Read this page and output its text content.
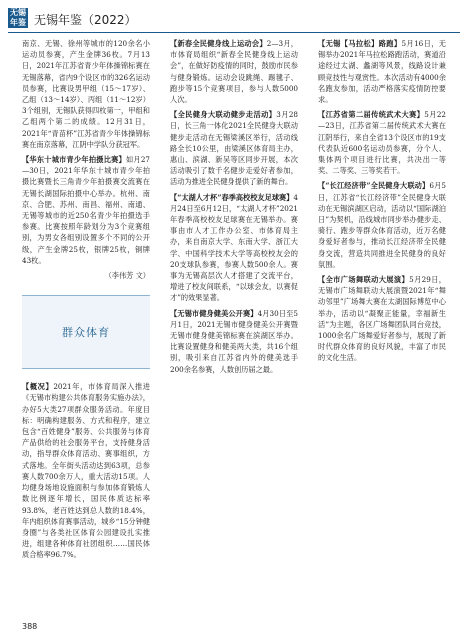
无锡年鉴 无锡年鉴（2022）

南京、无锡、徐州等城市的120余名小运动员参赛，产生金牌36枚。7月13日，2021年江苏省青少年体操锦标赛在无锡落幕，省内9个设区市的326名运动员参赛，比赛设男甲组（15～17岁）、乙组（13～14岁）、丙组（11～12岁）3个组别，无锡队获得四枚第一，甲组和乙组两个第二的成绩。12月31日，2021年“青苗杯”江苏省青少年体操锦标赛在南京落幕，江阴中学队分获冠军。

【华东十城市青少年拍摄比赛】如月27—30日，2021年华东十城市青少年拍摄比赛暨长三角青少年拍摄赛交流赛在无锡长湖国际拍摄中心举办。杭州、南京、合肥、苏州、南昌、福州、南通、无锡等城市的近250名青少年拍摄选手参赛。比赛按照年龄划分为3个竞赛组别，为男女各组别设置多个不同的公开级，产生金牌25枚，银牌25枚，铜牌43枚。

（李伟芳 文）

群众体育

【概况】2021年，市体育局深入推进《无锡市构建公共体育服务实施办法》，办好5大类27项群众服务活动。年度目标：明确构建服务、方式和程序，建立包含“百姓健身”服务、公共服务与体育产品供给的社会服务平台，支持健身活动，指导群众体育活动、赛事组织，方式落地。全年街头活动达到63项，总参赛人数700余万人，重大活动15项。人均健身场地设施面积与参加体育锻炼人数比例逐年增长，国民体质达标率93.8%，老百姓达到总人数的18.4%，年内组织体育赛事活动，城乡“15分钟健身圈”与各类社区体育公园建设扎实推进，组建各种体育社团组织……国民体质合格率96.7%。

【新春全民健身线上运动会】2—3月，市体育局组织“新春全民健身线上运动会”，在做好防疫情的同时，鼓励市民参与健身锻炼。运动会设跳绳、踢毽子、跑步等15个竞赛项目，参与人数5000人次。

【全民健身大联动健步走活动】3月28日，长三角一体化2021全民健身大联动健步走活动在无锡梁溪区举行，活动线路全长10公里，由梁溪区体育局主办，惠山、滨湖、新吴等区同步开展，本次活动吸引了数千名健步走爱好者参加，活动为推进全民健身提供了新的舞台。

【“太湖人才杯”春季高校校友足球赛】4月24日至6月12日，“太湖人才杯”2021年春季高校校友足球赛在无锡举办。赛事由市人才工作办公室、市体育局主办，来自南京大学、东南大学、浙江大学、中国科学技术大学等高校校友会的20支球队参赛，参赛人数500余人。赛事为无锡高层次人才搭建了交流平台，增进了校友间联系，“以球会友，以赛促才”的效果显著。

【无锡市健身健美公开赛】4月30日至5月1日，2021无锡市健身健美公开赛暨无锡市健身健美锦标赛在滨湖区举办。比赛设置健身和健美两大类，共16个组别，吸引来自江苏省内外的健美选手200余名参赛，人数创历届之最。

【无锡【马拉松】路跑】5月16日，无锡举办2021年马拉松路跑活动，赛道沿途经过太湖、蠡湖等风景，线路设计兼顾竞技性与观赏性。本次活动有4000余名跑友参加，活动严格落实疫情防控要求。

【江苏省第二届传统武术大赛】5月22—23日，江苏省第二届传统武术大赛在江阴举行，来自全省13个设区市的19支代表队近600名运动员参赛，分个人、集体两个项目进行比赛，共决出一等奖、二等奖、三等奖若干。

【“长江经济带”全民健身大联动】6月5日，江苏省“长江经济带”全民健身大联动在无锡滨湖区启动，活动以“国际湖泊日”为契机，沿线城市同步举办健步走、骑行、跑步等群众体育活动，近万名健身爱好者参与，推动长江经济带全民健身交流，营造共同推进全民健身的良好氛围。

【全市广场舞联动大展演】5月29日，无锡市广场舞联动大展演暨2021年“舞动邻里”广场舞大赛在太湖国际博览中心举办，活动以“凝聚正能量，幸福新生活”为主题，各区广场舞团队同台竞技，1000余名广场舞爱好者参与，展现了新时代群众体育的良好风貌，丰富了市民的文化生活。

388
